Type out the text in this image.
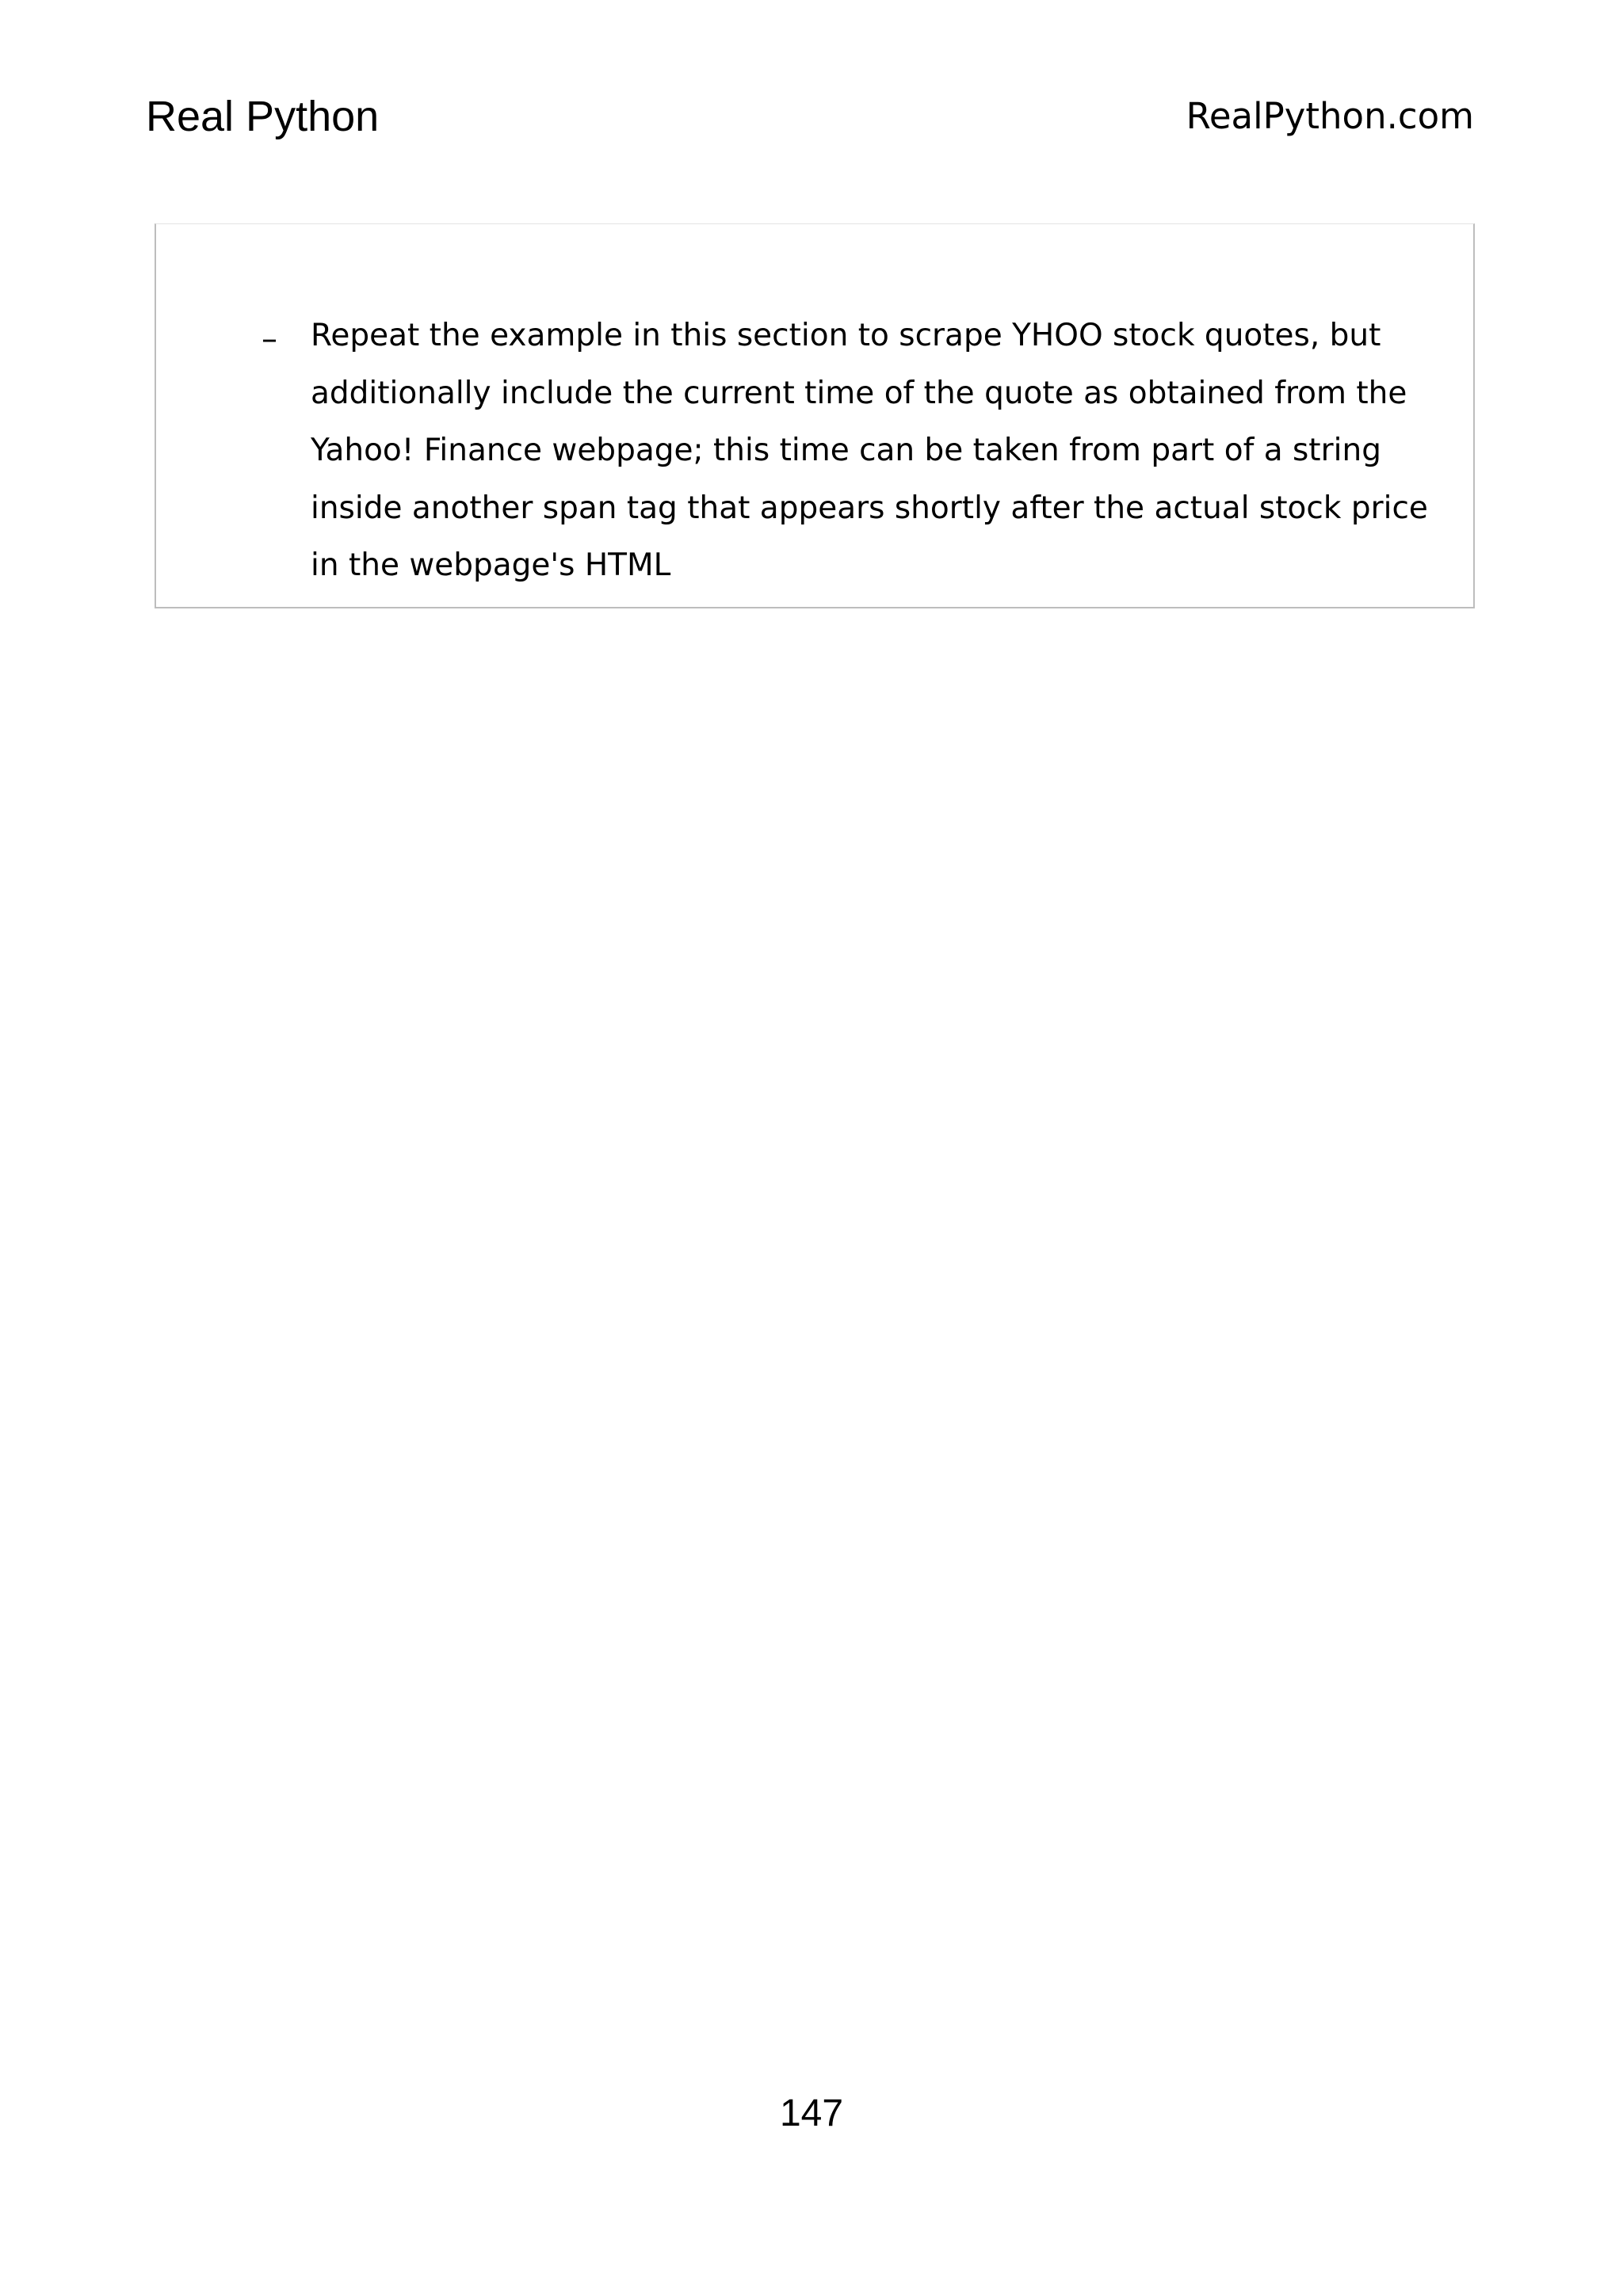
Real Python	RealPython.com
– Repeat the example in this section to scrape YHOO stock quotes, but additionally include the current time of the quote as obtained from the Yahoo! Finance webpage; this time can be taken from part of a string inside another span tag that appears shortly after the actual stock price in the webpage's HTML

147
